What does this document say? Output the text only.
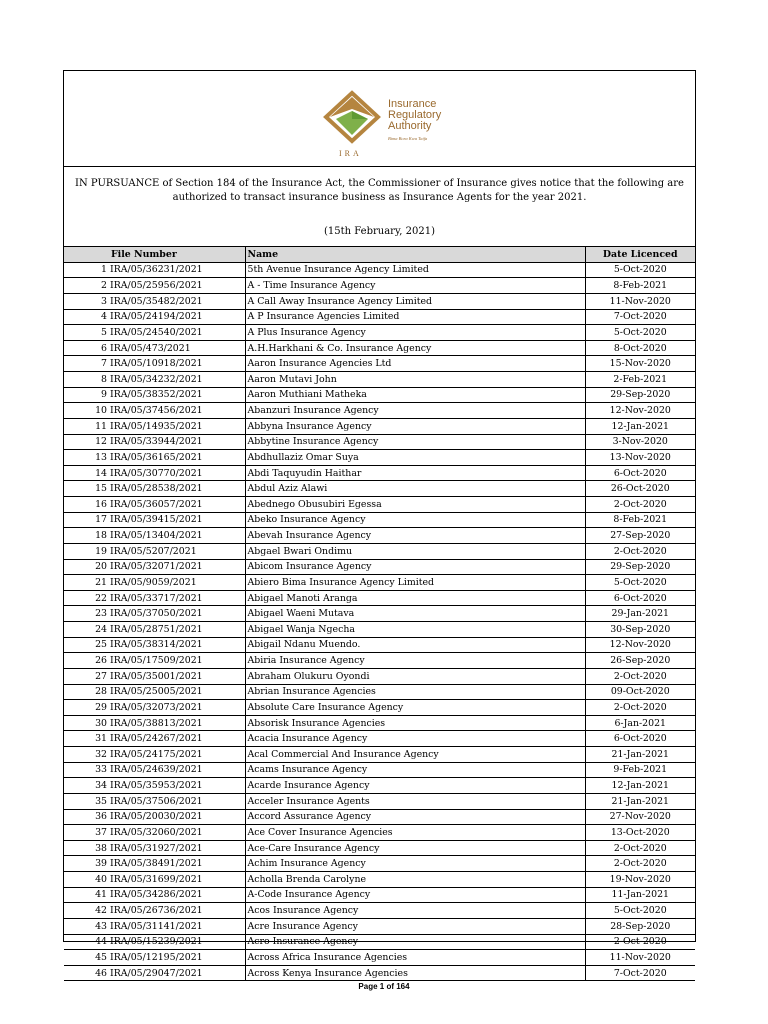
Insurance
Regulatory
Authority
Bima Bora Kwa Taifa
IRA
IN PURSUANCE of Section 184 of the Insurance Act, the Commissioner of Insurance gives notice that the following are authorized to transact insurance business as Insurance Agents for the year 2021.
(15th February, 2021)
	File Number	Name	Date Licenced
1	IRA/05/36231/2021	5th Avenue Insurance Agency Limited	5-Oct-2020
2	IRA/05/25956/2021	A - Time Insurance Agency	8-Feb-2021
3	IRA/05/35482/2021	A Call Away Insurance Agency Limited	11-Nov-2020
4	IRA/05/24194/2021	A P Insurance Agencies Limited	7-Oct-2020
5	IRA/05/24540/2021	A Plus Insurance Agency	5-Oct-2020
6	IRA/05/473/2021	A.H.Harkhani & Co. Insurance Agency	8-Oct-2020
7	IRA/05/10918/2021	Aaron Insurance Agencies Ltd	15-Nov-2020
8	IRA/05/34232/2021	Aaron Mutavi John	2-Feb-2021
9	IRA/05/38352/2021	Aaron Muthiani Matheka	29-Sep-2020
10	IRA/05/37456/2021	Abanzuri Insurance Agency	12-Nov-2020
11	IRA/05/14935/2021	Abbyna Insurance Agency	12-Jan-2021
12	IRA/05/33944/2021	Abbytine Insurance Agency	3-Nov-2020
13	IRA/05/36165/2021	Abdhullaziz Omar Suya	13-Nov-2020
14	IRA/05/30770/2021	Abdi Taquyudin Haithar	6-Oct-2020
15	IRA/05/28538/2021	Abdul Aziz Alawi	26-Oct-2020
16	IRA/05/36057/2021	Abednego Obusubiri Egessa	2-Oct-2020
17	IRA/05/39415/2021	Abeko Insurance Agency	8-Feb-2021
18	IRA/05/13404/2021	Abevah Insurance Agency	27-Sep-2020
19	IRA/05/5207/2021	Abgael Bwari Ondimu	2-Oct-2020
20	IRA/05/32071/2021	Abicom Insurance Agency	29-Sep-2020
21	IRA/05/9059/2021	Abiero Bima Insurance Agency Limited	5-Oct-2020
22	IRA/05/33717/2021	Abigael Manoti Aranga	6-Oct-2020
23	IRA/05/37050/2021	Abigael Waeni Mutava	29-Jan-2021
24	IRA/05/28751/2021	Abigael Wanja Ngecha	30-Sep-2020
25	IRA/05/38314/2021	Abigail Ndanu Muendo.	12-Nov-2020
26	IRA/05/17509/2021	Abiria Insurance Agency	26-Sep-2020
27	IRA/05/35001/2021	Abraham Olukuru Oyondi	2-Oct-2020
28	IRA/05/25005/2021	Abrian Insurance Agencies	09-Oct-2020
29	IRA/05/32073/2021	Absolute Care Insurance Agency	2-Oct-2020
30	IRA/05/38813/2021	Absorisk Insurance Agencies	6-Jan-2021
31	IRA/05/24267/2021	Acacia Insurance Agency	6-Oct-2020
32	IRA/05/24175/2021	Acal Commercial And Insurance Agency	21-Jan-2021
33	IRA/05/24639/2021	Acams Insurance Agency	9-Feb-2021
34	IRA/05/35953/2021	Acarde Insurance Agency	12-Jan-2021
35	IRA/05/37506/2021	Acceler Insurance Agents	21-Jan-2021
36	IRA/05/20030/2021	Accord Assurance Agency	27-Nov-2020
37	IRA/05/32060/2021	Ace Cover Insurance Agencies	13-Oct-2020
38	IRA/05/31927/2021	Ace-Care Insurance Agency	2-Oct-2020
39	IRA/05/38491/2021	Achim Insurance Agency	2-Oct-2020
40	IRA/05/31699/2021	Acholla Brenda Carolyne	19-Nov-2020
41	IRA/05/34286/2021	A-Code Insurance Agency	11-Jan-2021
42	IRA/05/26736/2021	Acos Insurance Agency	5-Oct-2020
43	IRA/05/31141/2021	Acre Insurance Agency	28-Sep-2020
44	IRA/05/15239/2021	Acro Insurance Agency	2-Oct-2020
45	IRA/05/12195/2021	Across Africa Insurance Agencies	11-Nov-2020
46	IRA/05/29047/2021	Across Kenya Insurance Agencies	7-Oct-2020
Page 1 of 164
